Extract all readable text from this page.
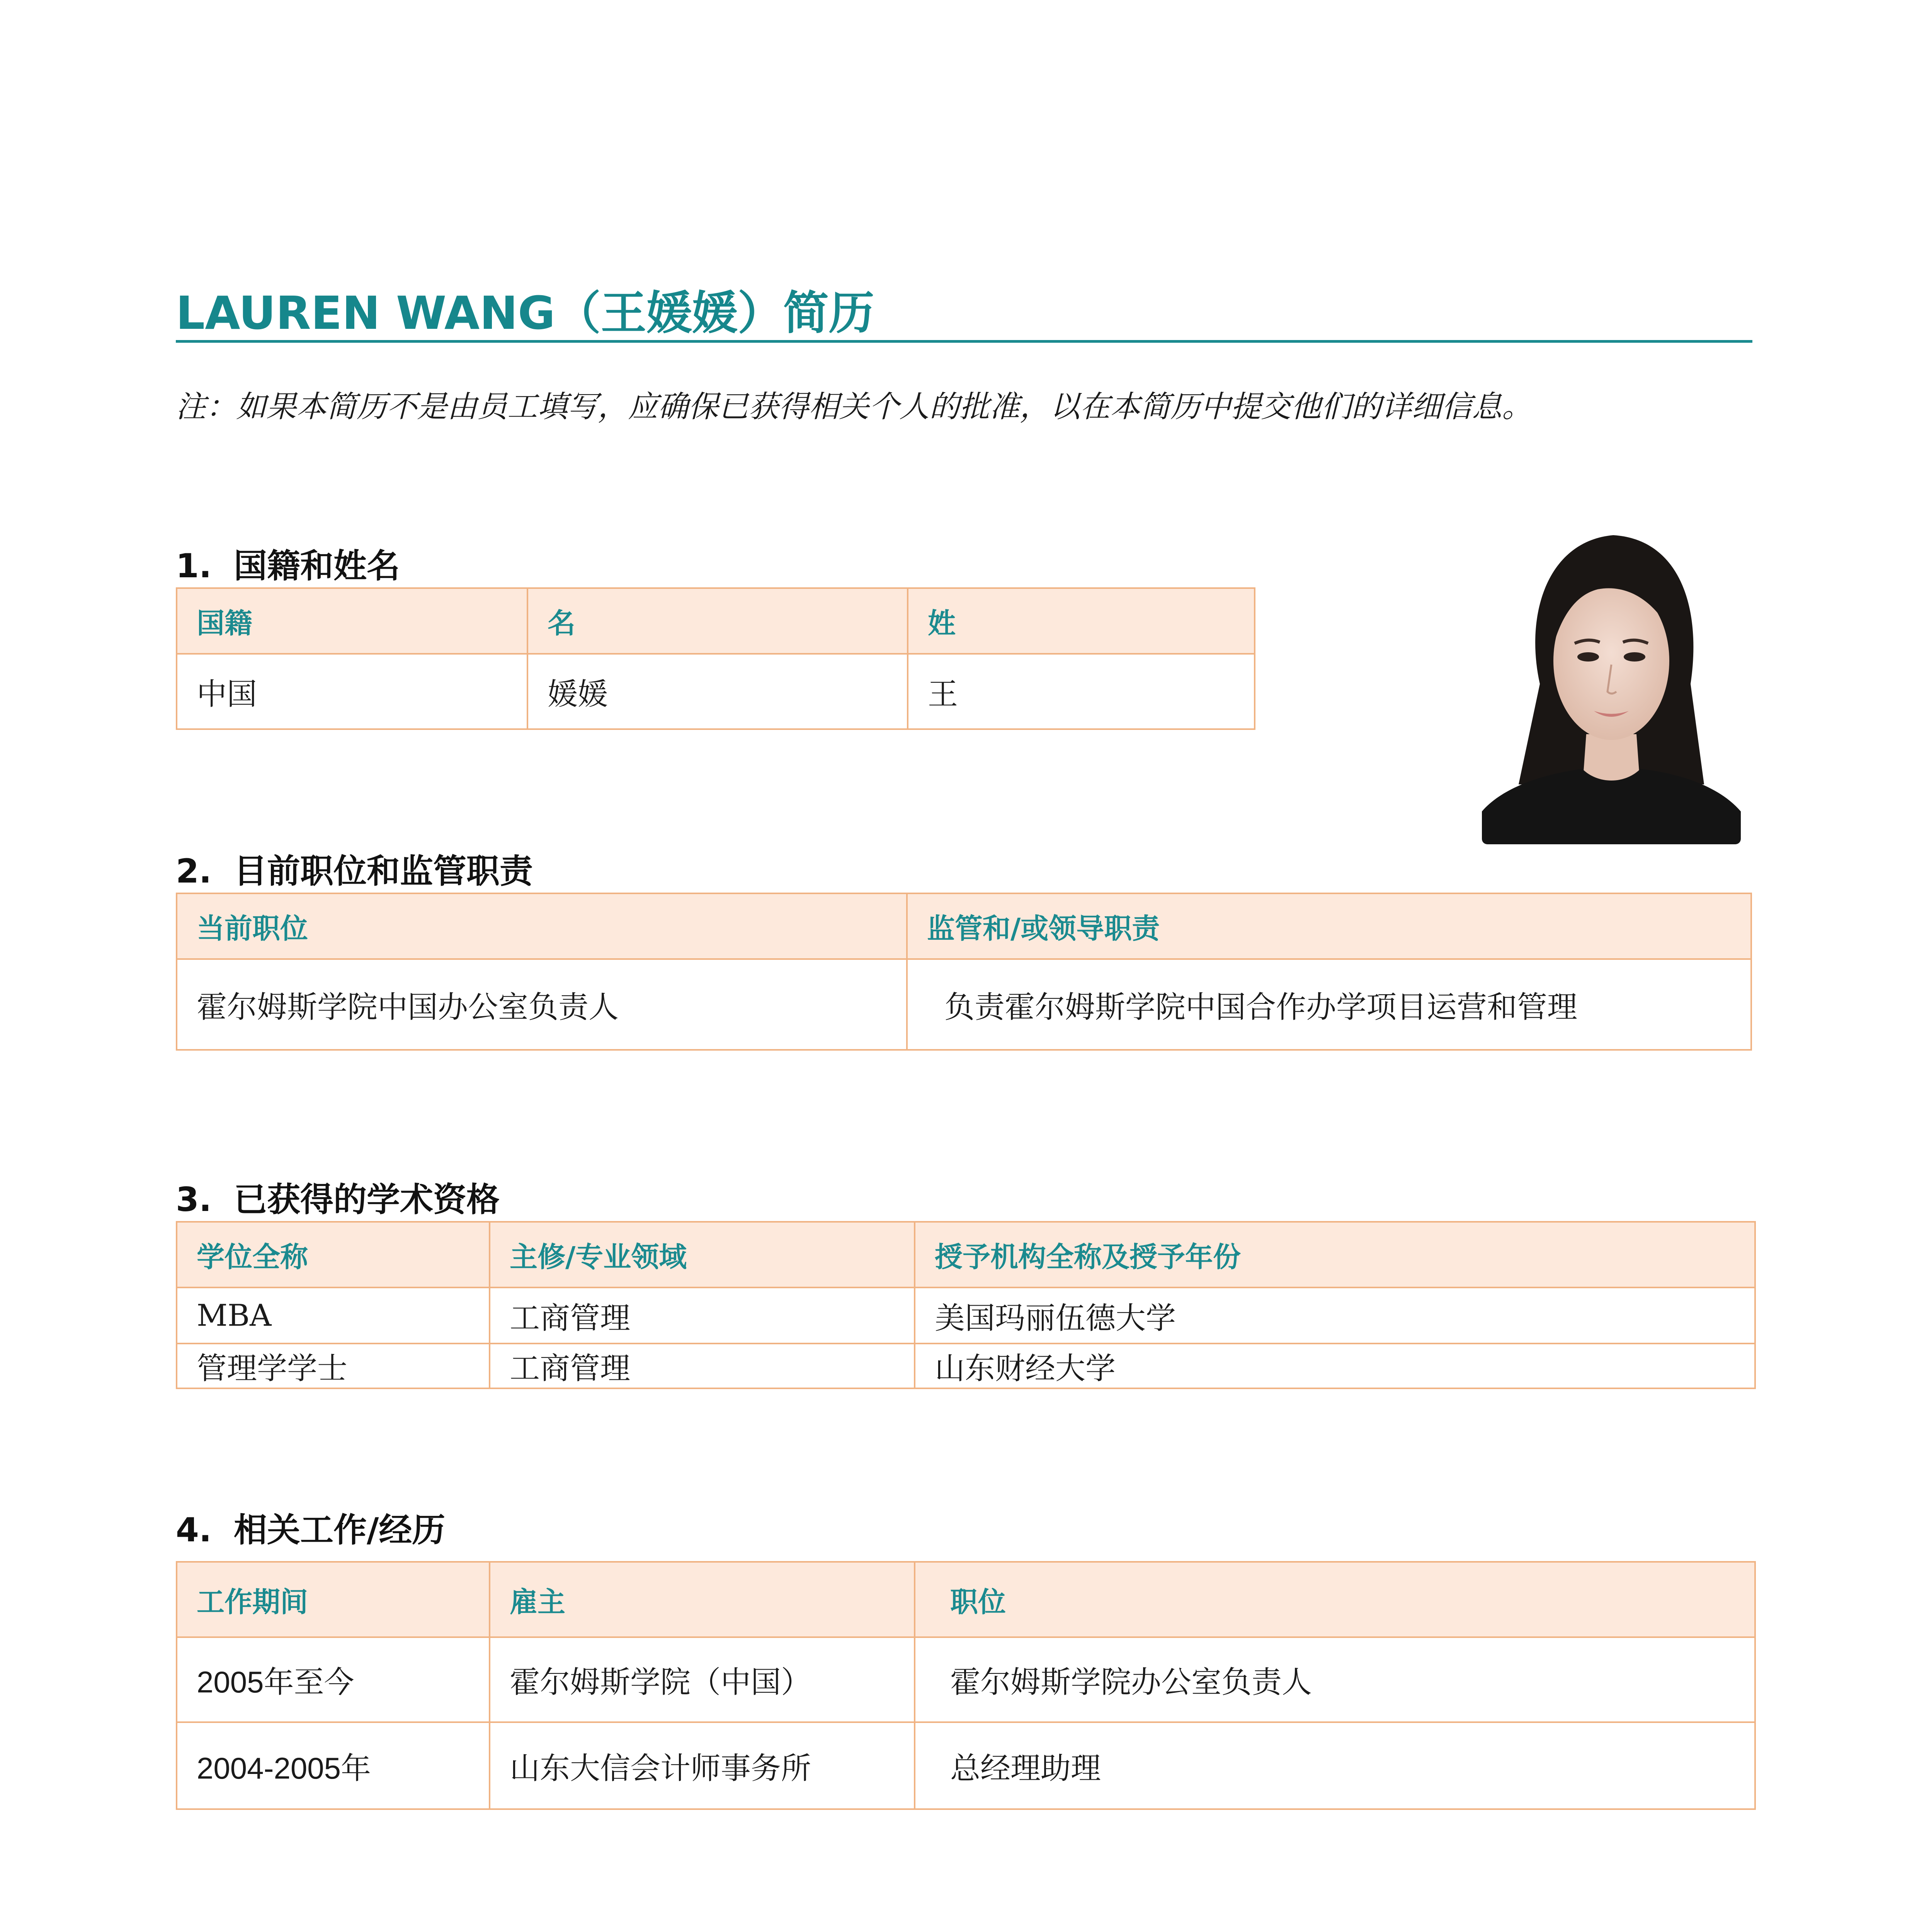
LAUREN WANG（王媛媛）简历
注：如果本简历不是由员工填写，应确保已获得相关个人的批准，以在本简历中提交他们的详细信息。
1. 国籍和姓名
国籍	名	姓
中国	媛媛	王
2. 目前职位和监管职责
当前职位	监管和/或领导职责
霍尔姆斯学院中国办公室负责人	负责霍尔姆斯学院中国合作办学项目运营和管理
3. 已获得的学术资格
学位全称	主修/专业领域	授予机构全称及授予年份
MBA	工商管理	美国玛丽伍德大学
管理学学士	工商管理	山东财经大学
4. 相关工作/经历
工作期间	雇主	职位
2005年至今	霍尔姆斯学院（中国）	霍尔姆斯学院办公室负责人
2004-2005年	山东大信会计师事务所	总经理助理
